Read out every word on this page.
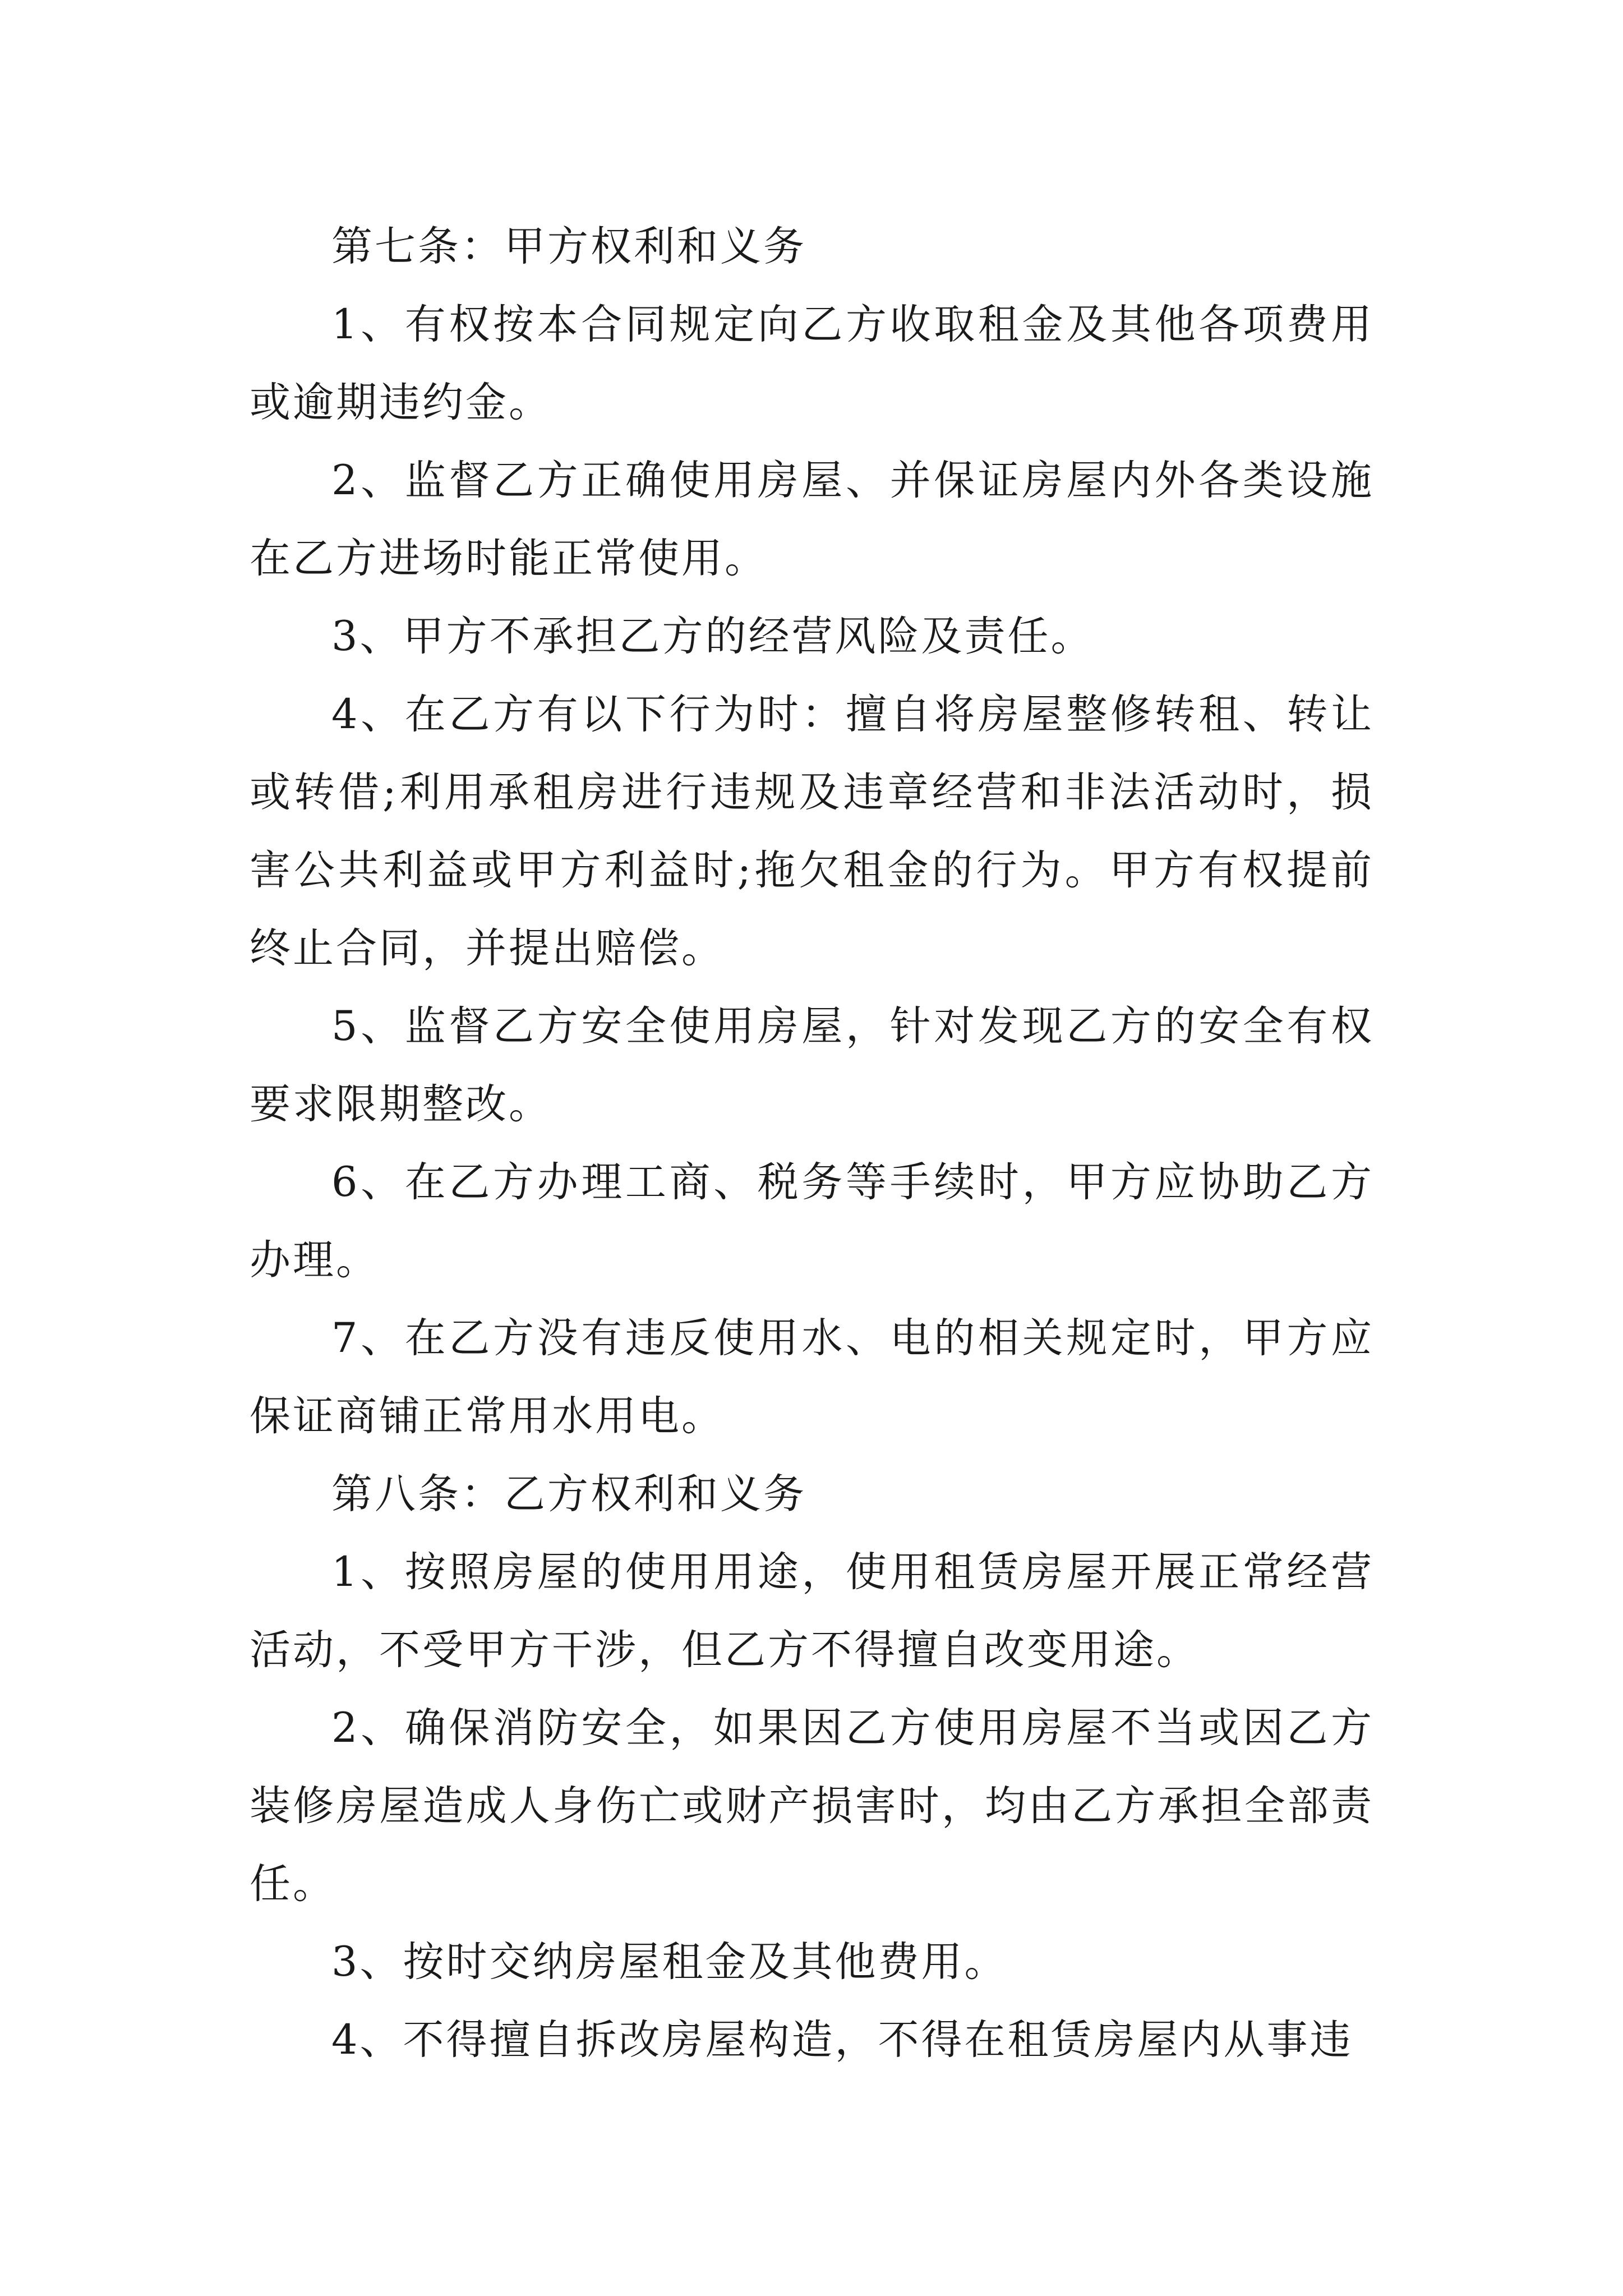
第七条：甲方权利和义务

1、有权按本合同规定向乙方收取租金及其他各项费用或逾期违约金。

2、监督乙方正确使用房屋、并保证房屋内外各类设施在乙方进场时能正常使用。

3、甲方不承担乙方的经营风险及责任。

4、在乙方有以下行为时：擅自将房屋整修转租、转让或转借;利用承租房进行违规及违章经营和非法活动时，损害公共利益或甲方利益时;拖欠租金的行为。甲方有权提前终止合同，并提出赔偿。

5、监督乙方安全使用房屋，针对发现乙方的安全有权要求限期整改。

6、在乙方办理工商、税务等手续时，甲方应协助乙方办理。

7、在乙方没有违反使用水、电的相关规定时，甲方应保证商铺正常用水用电。

第八条：乙方权利和义务

1、按照房屋的使用用途，使用租赁房屋开展正常经营活动，不受甲方干涉，但乙方不得擅自改变用途。

2、确保消防安全，如果因乙方使用房屋不当或因乙方装修房屋造成人身伤亡或财产损害时，均由乙方承担全部责任。

3、按时交纳房屋租金及其他费用。

4、不得擅自拆改房屋构造，不得在租赁房屋内从事违
